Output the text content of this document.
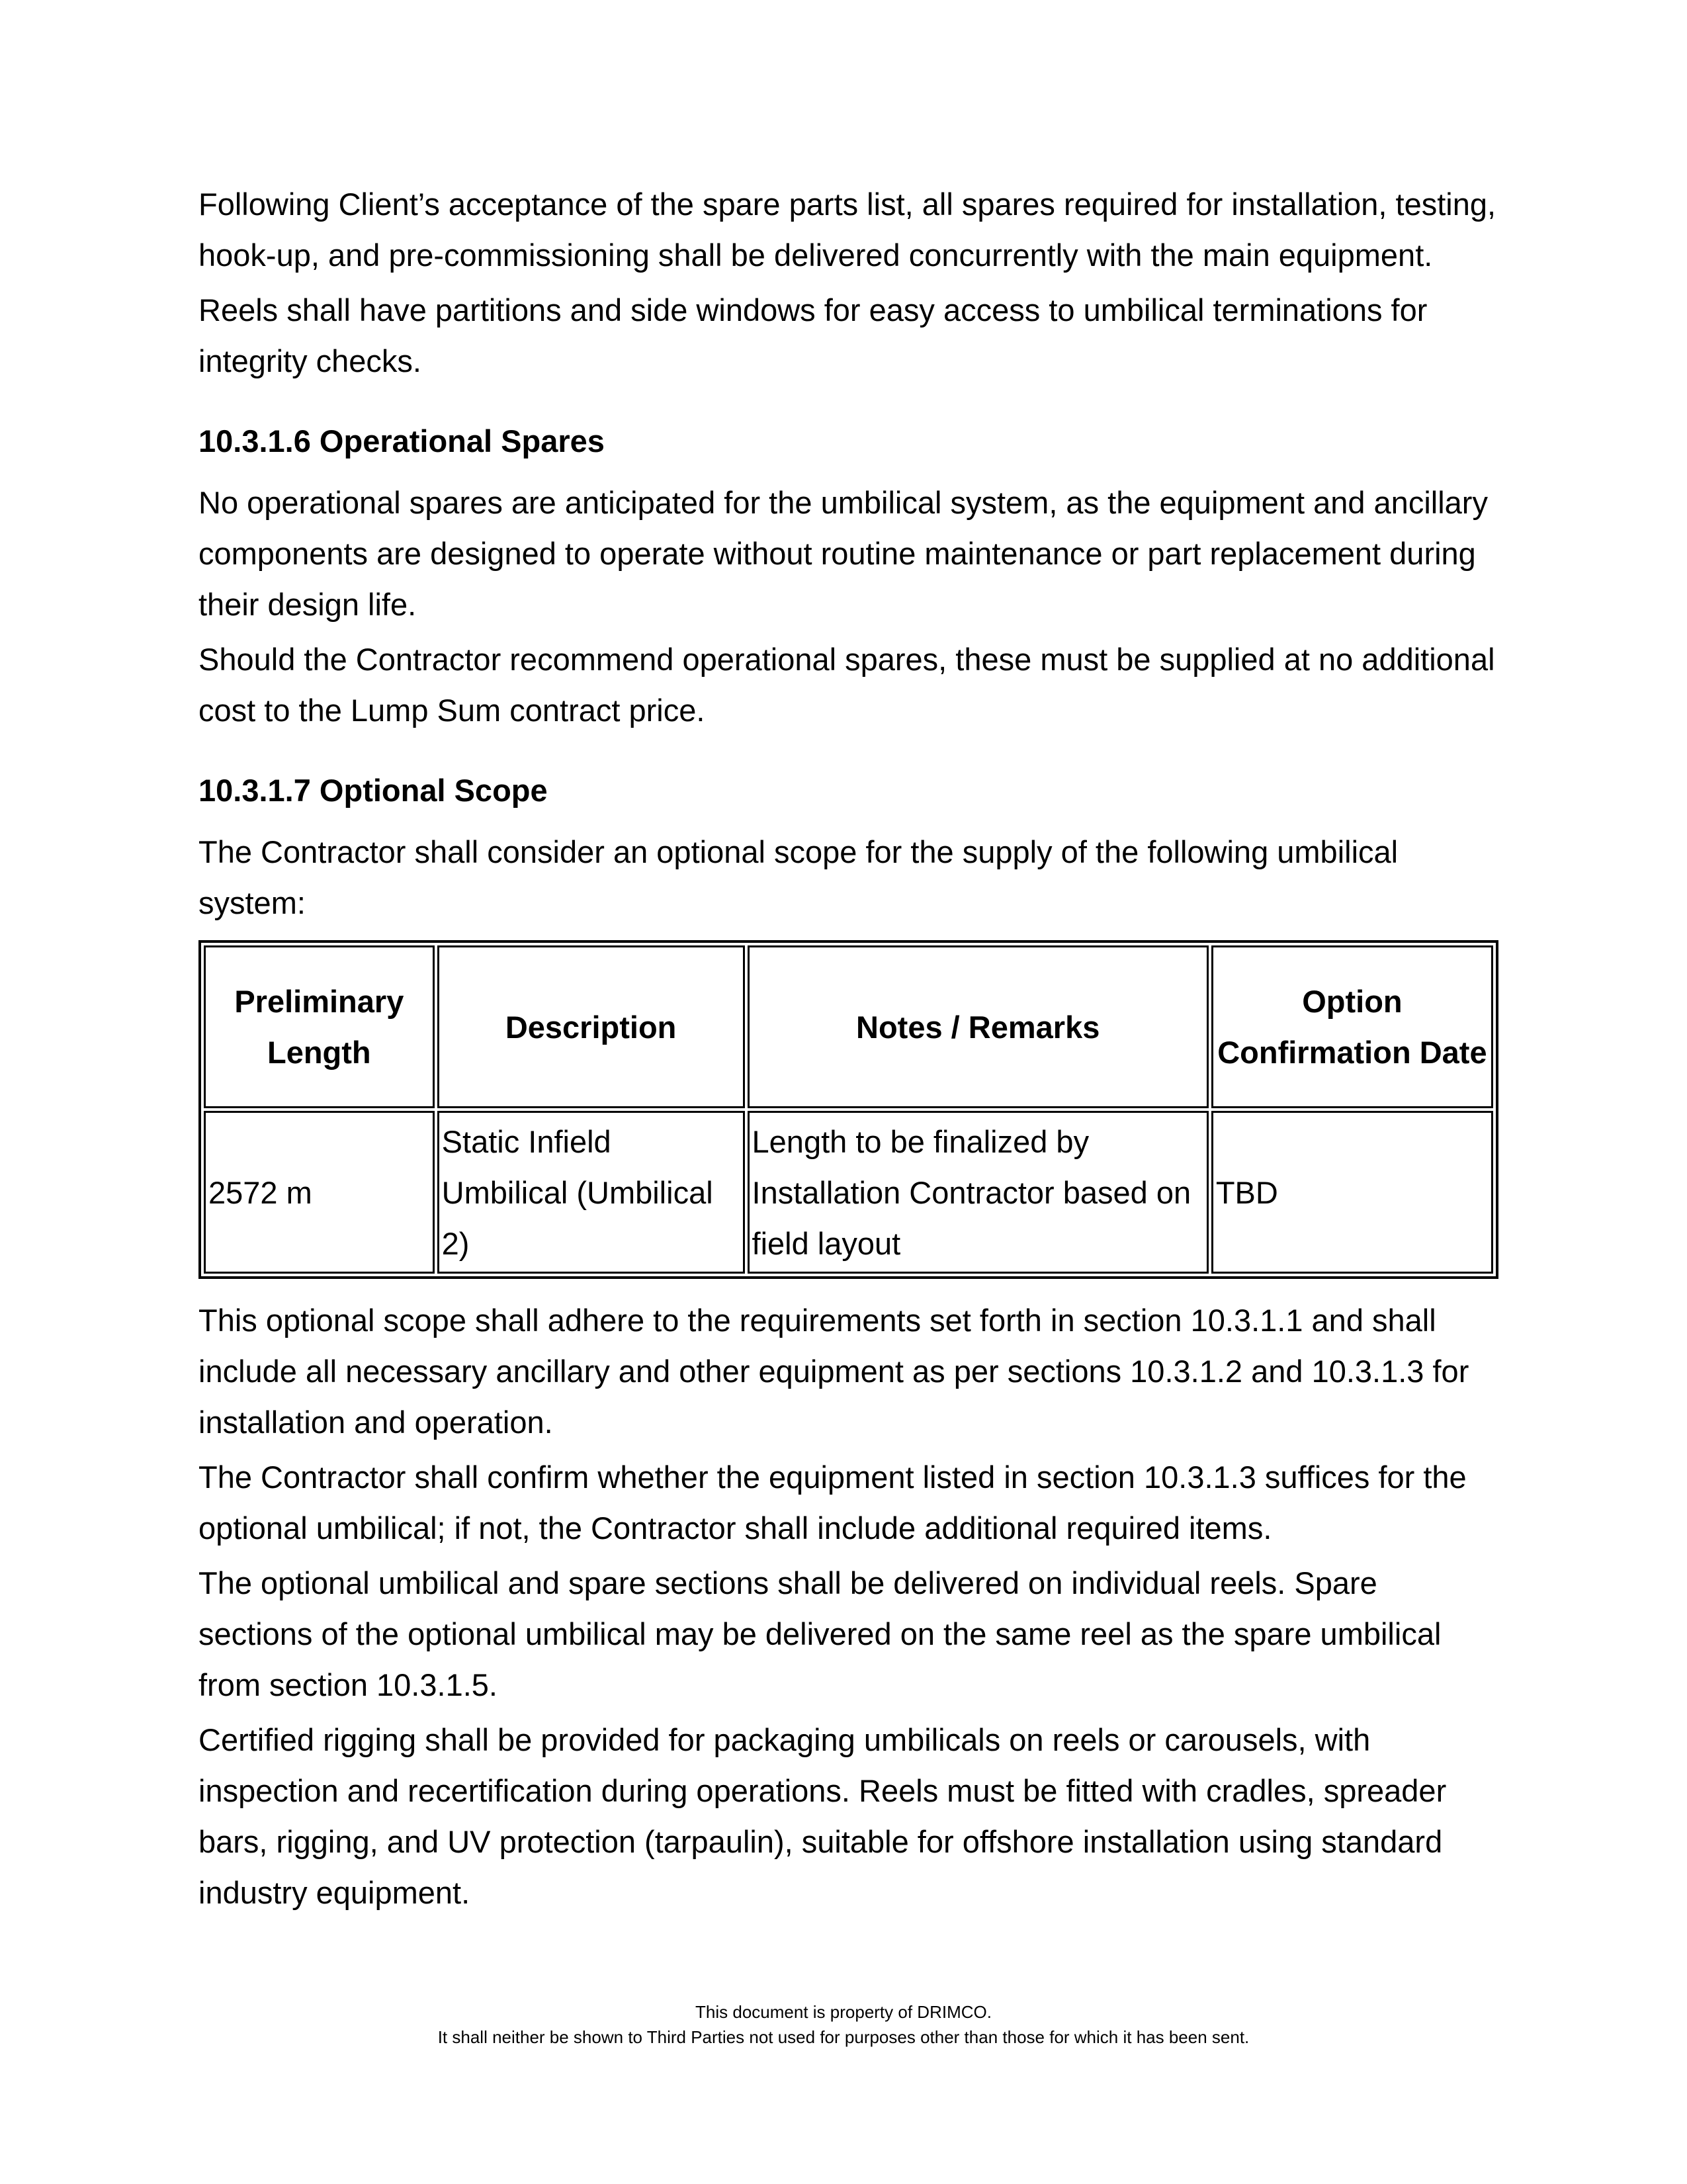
Following Client’s acceptance of the spare parts list, all spares required for installation, testing, hook-up, and pre-commissioning shall be delivered concurrently with the main equipment.

Reels shall have partitions and side windows for easy access to umbilical terminations for integrity checks.

10.3.1.6 Operational Spares

No operational spares are anticipated for the umbilical system, as the equipment and ancillary components are designed to operate without routine maintenance or part replacement during their design life.

Should the Contractor recommend operational spares, these must be supplied at no additional cost to the Lump Sum contract price.

10.3.1.7 Optional Scope

The Contractor shall consider an optional scope for the supply of the following umbilical system:

Preliminary Length	Description	Notes / Remarks	Option Confirmation Date
2572 m	Static Infield Umbilical (Umbilical 2)	Length to be finalized by Installation Contractor based on field layout	TBD

This optional scope shall adhere to the requirements set forth in section 10.3.1.1 and shall include all necessary ancillary and other equipment as per sections 10.3.1.2 and 10.3.1.3 for installation and operation.

The Contractor shall confirm whether the equipment listed in section 10.3.1.3 suffices for the optional umbilical; if not, the Contractor shall include additional required items.

The optional umbilical and spare sections shall be delivered on individual reels. Spare sections of the optional umbilical may be delivered on the same reel as the spare umbilical from section 10.3.1.5.

Certified rigging shall be provided for packaging umbilicals on reels or carousels, with inspection and recertification during operations. Reels must be fitted with cradles, spreader bars, rigging, and UV protection (tarpaulin), suitable for offshore installation using standard industry equipment.

This document is property of DRIMCO.
It shall neither be shown to Third Parties not used for purposes other than those for which it has been sent.
